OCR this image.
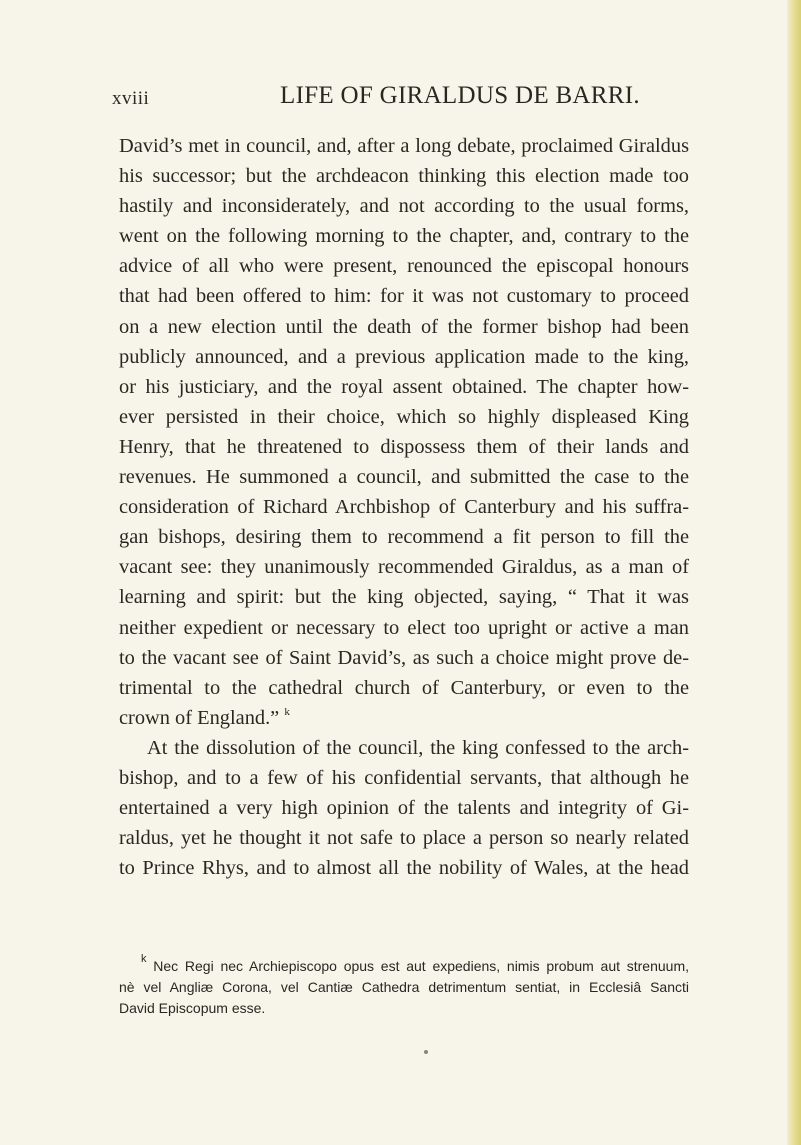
xviii	LIFE OF GIRALDUS DE BARRI.
David’s met in council, and, after a long debate, proclaimed Giraldus
his successor; but the archdeacon thinking this election made too
hastily and inconsiderately, and not according to the usual forms,
went on the following morning to the chapter, and, contrary to the
advice of all who were present, renounced the episcopal honours
that had been offered to him: for it was not customary to proceed
on a new election until the death of the former bishop had been
publicly announced, and a previous application made to the king,
or his justiciary, and the royal assent obtained. The chapter how-
ever persisted in their choice, which so highly displeased King
Henry, that he threatened to dispossess them of their lands and
revenues. He summoned a council, and submitted the case to the
consideration of Richard Archbishop of Canterbury and his suffra-
gan bishops, desiring them to recommend a fit person to fill the
vacant see: they unanimously recommended Giraldus, as a man of
learning and spirit: but the king objected, saying, “ That it was
neither expedient or necessary to elect too upright or active a man
to the vacant see of Saint David’s, as such a choice might prove de-
trimental to the cathedral church of Canterbury, or even to the
crown of England.” $^k$
At the dissolution of the council, the king confessed to the arch-
bishop, and to a few of his confidential servants, that although he
entertained a very high opinion of the talents and integrity of Gi-
raldus, yet he thought it not safe to place a person so nearly related
to Prince Rhys, and to almost all the nobility of Wales, at the head
$^k$ Nec Regi nec Archiepiscopo opus est aut expediens, nimis probum aut strenuum,
nè vel Angliæ Corona, vel Cantiæ Cathedra detrimentum sentiat, in Ecclesiâ Sancti
David Episcopum esse.
